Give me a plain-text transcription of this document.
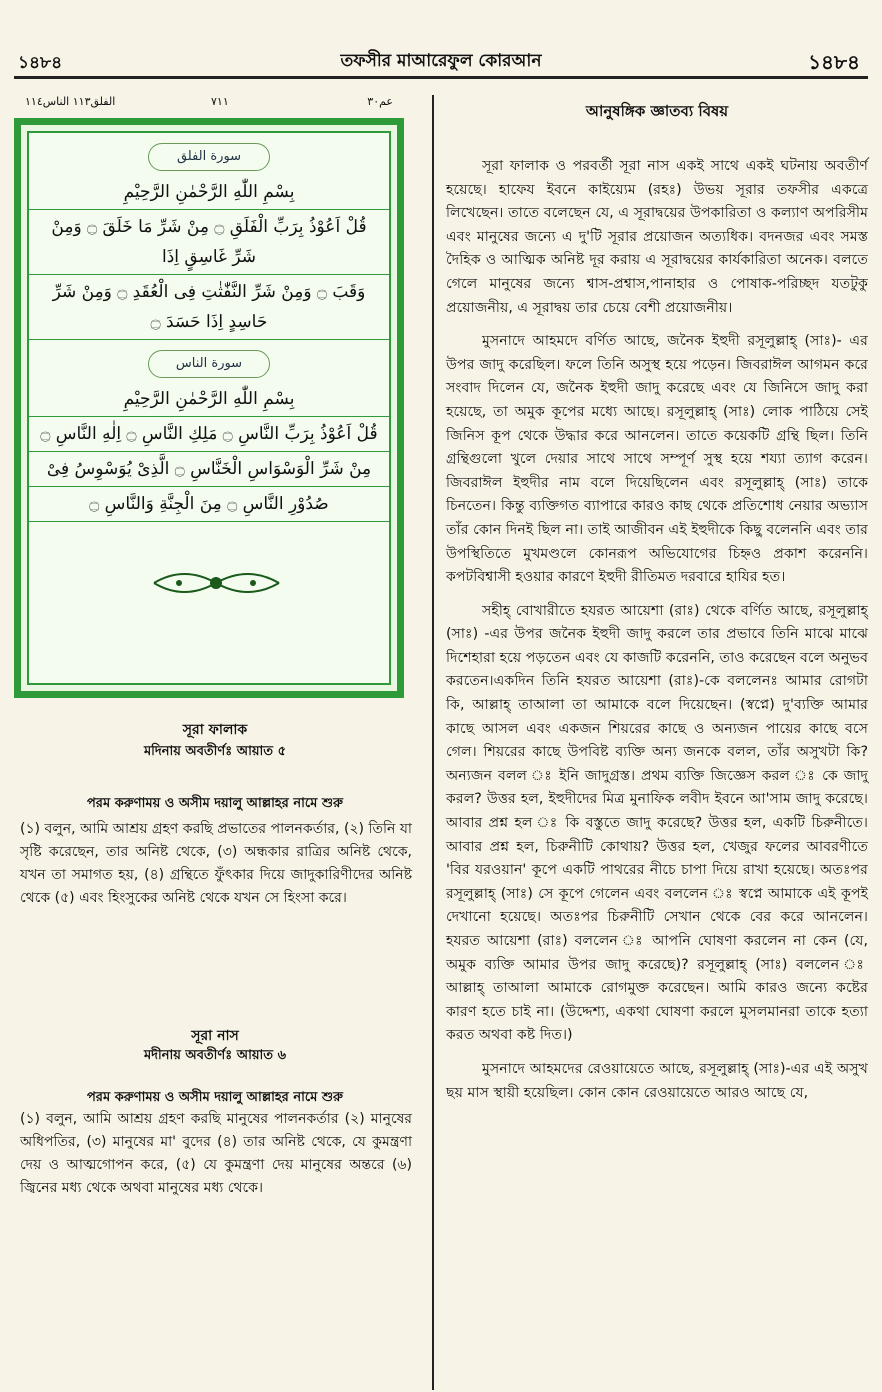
১৪৮৪	তফসীর মাআরেফুল কোরআন	১৪৮৪
الفلق١١٣ الناس١١٤	٧١١	عم٣٠
سورة الفلق
بِسْمِ اللّٰهِ الرَّحْمٰنِ الرَّحِيْمِ
قُلْ اَعُوْذُ بِرَبِّ الْفَلَقِ ۝ مِنْ شَرِّ مَا خَلَقَ ۝ وَمِنْ شَرِّ غَاسِقٍ اِذَا
وَقَبَ ۝ وَمِنْ شَرِّ النَّفّٰثٰتِ فِى الْعُقَدِ ۝ وَمِنْ شَرِّ حَاسِدٍ اِذَا حَسَدَ ۝
سورة الناس
بِسْمِ اللّٰهِ الرَّحْمٰنِ الرَّحِيْمِ
قُلْ اَعُوْذُ بِرَبِّ النَّاسِ ۝ مَلِكِ النَّاسِ ۝ اِلٰهِ النَّاسِ ۝
مِنْ شَرِّ الْوَسْوَاسِ الْخَنَّاسِ ۝ الَّذِىْ يُوَسْوِسُ فِىْ
صُدُوْرِ النَّاسِ ۝ مِنَ الْجِنَّةِ وَالنَّاسِ ۝
সূরা ফালাক
মদিনায় অবতীর্ণঃ আয়াত ৫
পরম করুণাময় ও অসীম দয়ালু আল্লাহর নামে শুরু
(১) বলুন, আমি আশ্রয় গ্রহণ করছি প্রভাতের পালনকর্তার, (২) তিনি যা সৃষ্টি করেছেন, তার অনিষ্ট থেকে, (৩) অন্ধকার রাত্রির অনিষ্ট থেকে, যখন তা সমাগত হয়, (৪) গ্রন্থিতে ফুঁৎকার দিয়ে জাদুকারিণীদের অনিষ্ট থেকে (৫) এবং হিংসুকের অনিষ্ট থেকে যখন সে হিংসা করে।
সূরা নাস
মদীনায় অবতীর্ণঃ আয়াত ৬
পরম করুণাময় ও অসীম দয়ালু আল্লাহর নামে শুরু
(১) বলুন, আমি আশ্রয় গ্রহণ করছি মানুষের পালনকর্তার (২) মানুষের অধিপতির, (৩) মানুষের মা' বুদের (৪) তার অনিষ্ট থেকে, যে কুমন্ত্রণা দেয় ও আত্মগোপন করে, (৫) যে কুমন্ত্রণা দেয় মানুষের অন্তরে (৬) জ্বিনের মধ্য থেকে অথবা মানুষের মধ্য থেকে।
আনুষঙ্গিক জ্ঞাতব্য বিষয়

সূরা ফালাক ও পরবর্তী সূরা নাস একই সাথে একই ঘটনায় অবতীর্ণ হয়েছে। হাফেয ইবনে কাইয়্যেম (রহঃ) উভয় সূরার তফসীর একত্রে লিখেছেন। তাতে বলেছেন যে, এ সূরাদ্বয়ের উপকারিতা ও কল্যাণ অপরিসীম এবং মানুষের জন্যে এ দু'টি সূরার প্রয়োজন অত্যধিক। বদনজর এবং সমস্ত দৈহিক ও আত্মিক অনিষ্ট দূর করায় এ সূরাদ্বয়ের কার্যকারিতা অনেক। বলতে গেলে মানুষের জন্যে শ্বাস-প্রশ্বাস,পানাহার ও পোষাক-পরিচ্ছদ যতটুকু প্রয়োজনীয়, এ সূরাদ্বয় তার চেয়ে বেশী প্রয়োজনীয়।

মুসনাদে আহমদে বর্ণিত আছে, জনৈক ইহুদী রসূলুল্লাহ্ (সাঃ)- এর উপর জাদু করেছিল। ফলে তিনি অসুস্থ হয়ে পড়েন। জিবরাঈল আগমন করে সংবাদ দিলেন যে, জনৈক ইহুদী জাদু করেছে এবং যে জিনিসে জাদু করা হয়েছে, তা অমুক কূপের মধ্যে আছে। রসূলুল্লাহ্ (সাঃ) লোক পাঠিয়ে সেই জিনিস কূপ থেকে উদ্ধার করে আনলেন। তাতে কয়েকটি গ্রন্থি ছিল। তিনি গ্রন্থিগুলো খুলে দেয়ার সাথে সাথে সম্পূর্ণ সুস্থ হয়ে শয্যা ত্যাগ করেন। জিবরাঈল ইহুদীর নাম বলে দিয়েছিলেন এবং রসূলুল্লাহ্ (সাঃ) তাকে চিনতেন। কিন্তু ব্যক্তিগত ব্যাপারে কারও কাছ থেকে প্রতিশোধ নেয়ার অভ্যাস তাঁর কোন দিনই ছিল না। তাই আজীবন এই ইহুদীকে কিছু বলেননি এবং তার উপস্থিতিতে মুখমণ্ডলে কোনরূপ অভিযোগের চিহ্নও প্রকাশ করেননি। কপটবিশ্বাসী হওয়ার কারণে ইহুদী রীতিমত দরবারে হাযির হত।

সহীহ্ বোখারীতে হযরত আয়েশা (রাঃ) থেকে বর্ণিত আছে, রসূলুল্লাহ্ (সাঃ) -এর উপর জনৈক ইহুদী জাদু করলে তার প্রভাবে তিনি মাঝে মাঝে দিশেহারা হয়ে পড়তেন এবং যে কাজটি করেননি, তাও করেছেন বলে অনুভব করতেন।একদিন তিনি হযরত আয়েশা (রাঃ)-কে বললেনঃ আমার রোগটা কি, আল্লাহ্ তাআলা তা আমাকে বলে দিয়েছেন। (স্বপ্নে) দু'ব্যক্তি আমার কাছে আসল এবং একজন শিয়রের কাছে ও অন্যজন পায়ের কাছে বসে গেল। শিয়রের কাছে উপবিষ্ট ব্যক্তি অন্য জনকে বলল, তাঁর অসুখটা কি? অন্যজন বলল ঃ ইনি জাদুগ্রস্ত। প্রথম ব্যক্তি জিজ্ঞেস করল ঃ কে জাদু করল? উত্তর হল, ইহুদীদের মিত্র মুনাফিক লবীদ ইবনে আ'সাম জাদু করেছে। আবার প্রশ্ন হল ঃ কি বস্তুতে জাদু করেছে? উত্তর হল, একটি চিরুনীতে। আবার প্রশ্ন হল, চিরুনীটি কোথায়? উত্তর হল, খেজুর ফলের আবরণীতে 'বির যরওয়ান' কূপে একটি পাথরের নীচে চাপা দিয়ে রাখা হয়েছে। অতঃপর রসূলুল্লাহ্ (সাঃ) সে কূপে গেলেন এবং বললেন ঃ স্বপ্নে আমাকে এই কূপই দেখানো হয়েছে। অতঃপর চিরুনীটি সেখান থেকে বের করে আনলেন। হযরত আয়েশা (রাঃ) বললেন ঃ আপনি ঘোষণা করলেন না কেন (যে, অমুক ব্যক্তি আমার উপর জাদু করেছে)? রসূলুল্লাহ্ (সাঃ) বললেন ঃ আল্লাহ্ তাআলা আমাকে রোগমুক্ত করেছেন। আমি কারও জন্যে কষ্টের কারণ হতে চাই না। (উদ্দেশ্য, একথা ঘোষণা করলে মুসলমানরা তাকে হত্যা করত অথবা কষ্ট দিত।)

মুসনাদে আহমদের রেওয়ায়েতে আছে, রসূলুল্লাহ্ (সাঃ)-এর এই অসুখ ছয় মাস স্থায়ী হয়েছিল। কোন কোন রেওয়ায়েতে আরও আছে যে,
